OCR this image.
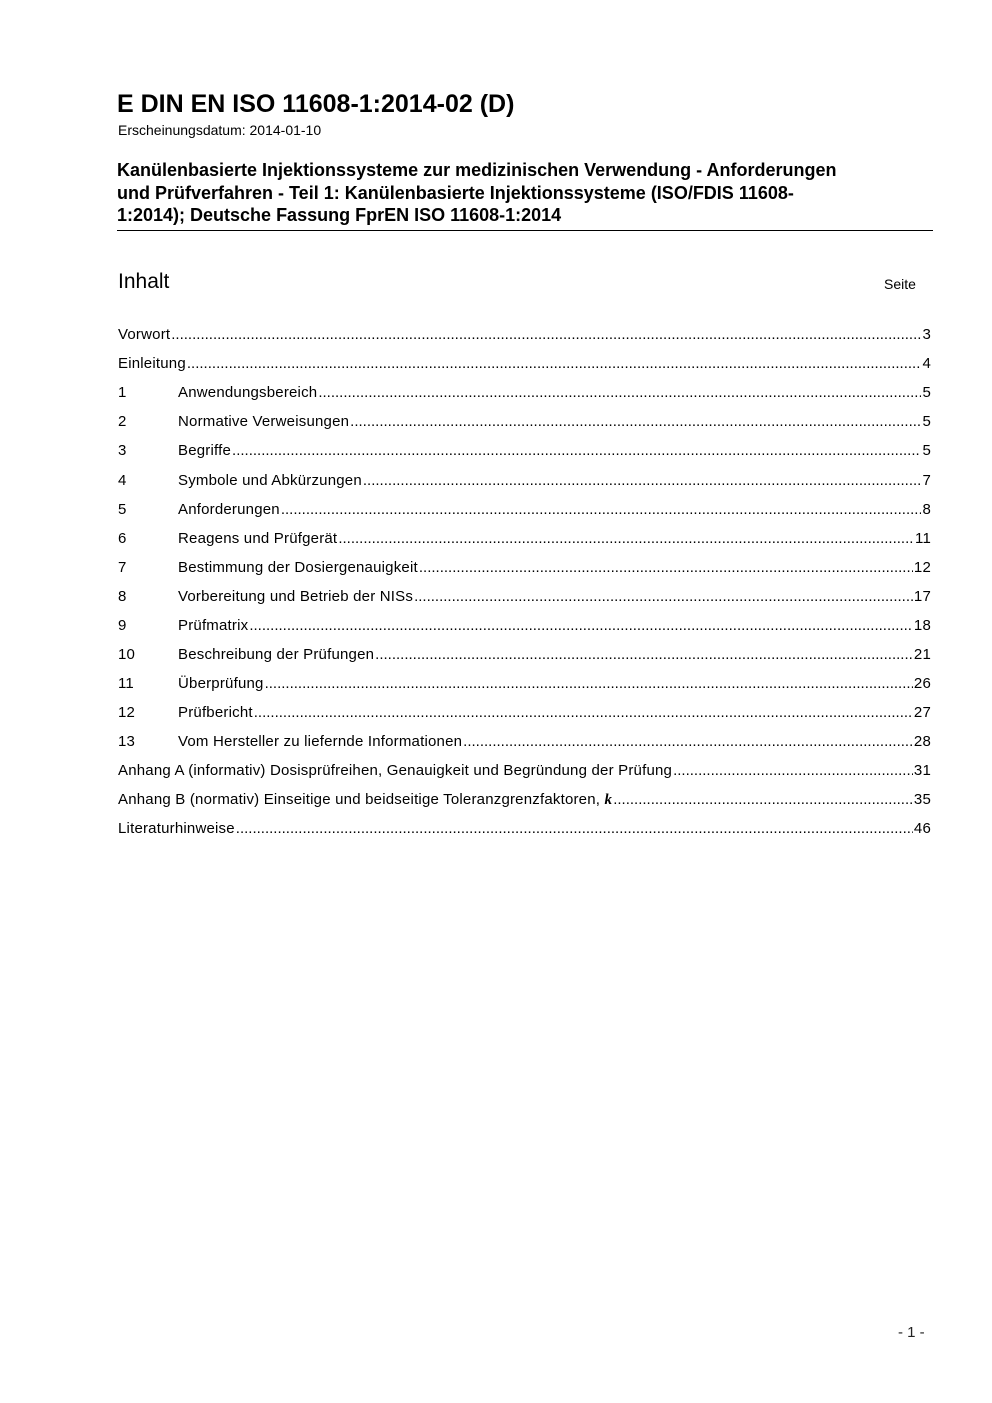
E DIN EN ISO 11608-1:2014-02 (D)
Erscheinungsdatum: 2014-01-10
Kanülenbasierte Injektionssysteme zur medizinischen Verwendung - Anforderungen
und Prüfverfahren - Teil 1: Kanülenbasierte Injektionssysteme (ISO/FDIS 11608-
1:2014); Deutsche Fassung FprEN ISO 11608-1:2014
Inhalt	Seite
Vorwort .....	3
Einleitung .....	4
1	Anwendungsbereich .....	5
2	Normative Verweisungen .....	5
3	Begriffe .....	5
4	Symbole und Abkürzungen .....	7
5	Anforderungen .....	8
6	Reagens und Prüfgerät .....	11
7	Bestimmung der Dosiergenauigkeit .....	12
8	Vorbereitung und Betrieb der NISs .....	17
9	Prüfmatrix .....	18
10	Beschreibung der Prüfungen .....	21
11	Überprüfung .....	26
12	Prüfbericht .....	27
13	Vom Hersteller zu liefernde Informationen .....	28
Anhang A (informativ) Dosisprüfreihen, Genauigkeit und Begründung der Prüfung .....	31
Anhang B (normativ) Einseitige und beidseitige Toleranzgrenzfaktoren, k .....	35
Literaturhinweise .....	46
- 1 -
